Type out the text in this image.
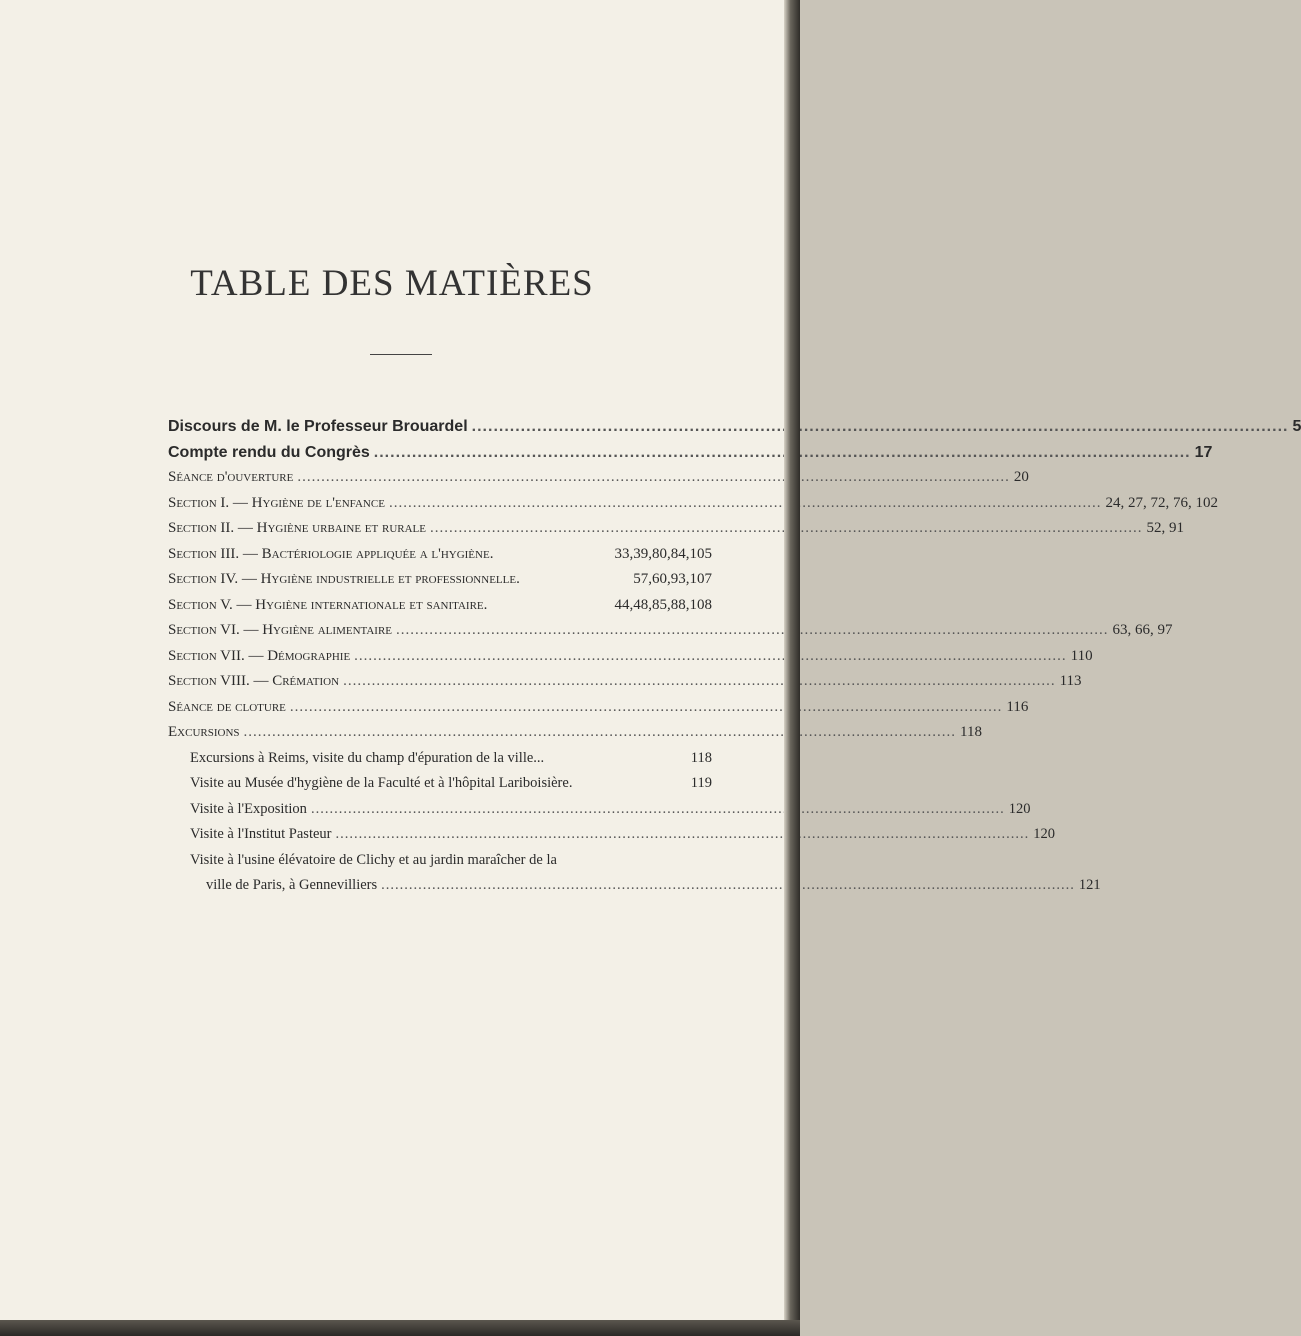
TABLE DES MATIÈRES
Discours de M. le Professeur Brouardel .....	5
Compte rendu du Congrès .....	17
Séance d'ouverture .....	20
Section I. — Hygiène de l'enfance .....	24, 27, 72, 76, 102
Section II. — Hygiène urbaine et rurale .....	52, 91
Section III. — Bactériologie appliquée a l'hygiène.	33,39,80,84,105
Section IV. — Hygiène industrielle et professionnelle.	57,60,93,107
Section V. — Hygiène internationale et sanitaire.	44,48,85,88,108
Section VI. — Hygiène alimentaire .....	63, 66, 97
Section VII. — Démographie .....	110
Section VIII. — Crémation .....	113
Séance de cloture .....	116
Excursions .....	118
Excursions à Reims, visite du champ d'épuration de la ville...	118
Visite au Musée d'hygiène de la Faculté et à l'hôpital Lariboisière.	119
Visite à l'Exposition .....	120
Visite à l'Institut Pasteur .....	120
Visite à l'usine élévatoire de Clichy et au jardin maraîcher de la
ville de Paris, à Gennevilliers .....	121
